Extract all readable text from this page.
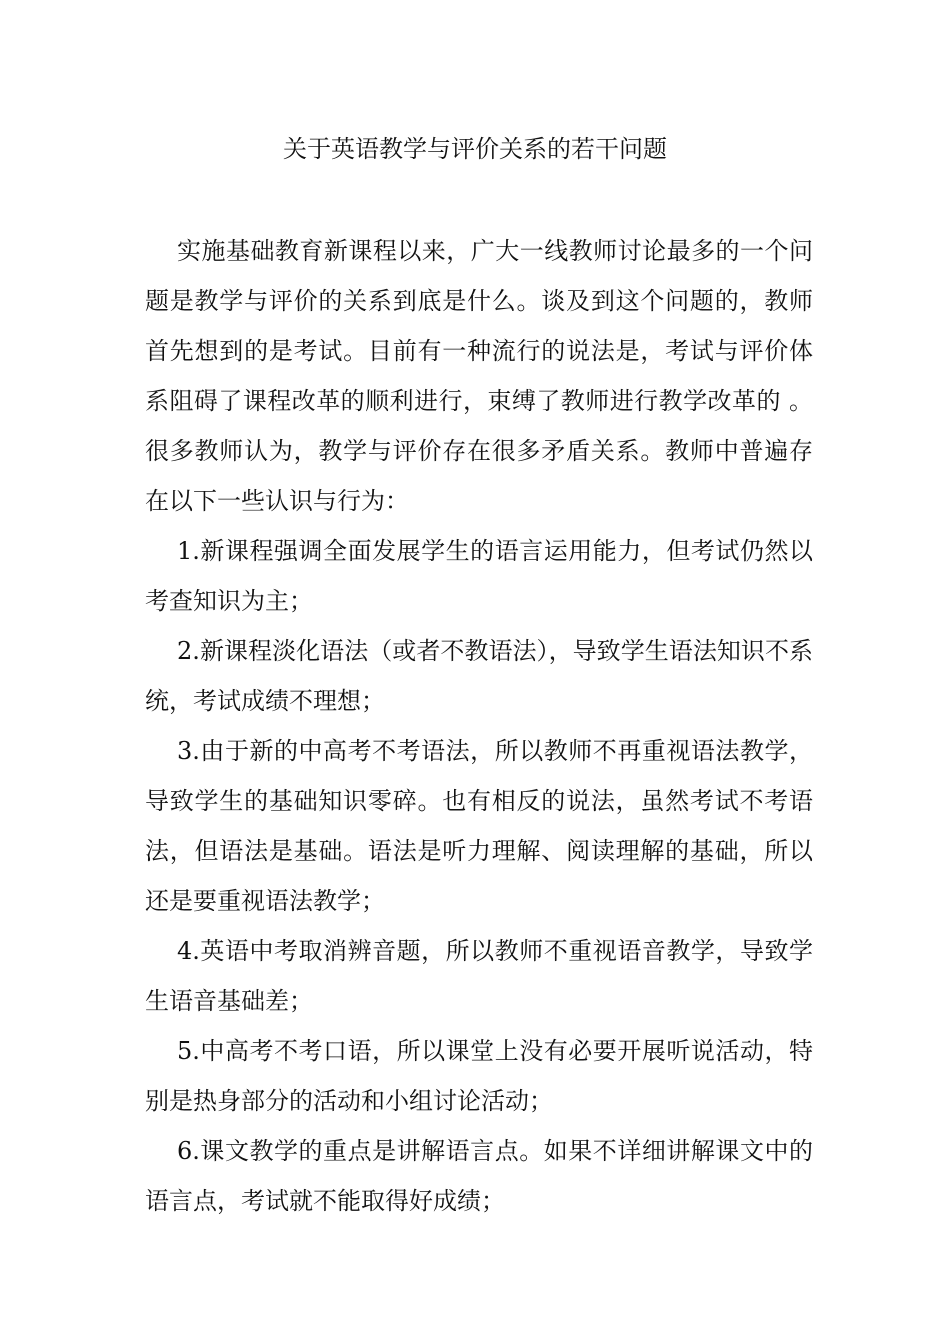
关于英语教学与评价关系的若干问题

实施基础教育新课程以来，广大一线教师讨论最多的一个问题是教学与评价的关系到底是什么。谈及到这个问题的，教师首先想到的是考试。目前有一种流行的说法是，考试与评价体系阻碍了课程改革的顺利进行，束缚了教师进行教学改革的 。很多教师认为，教学与评价存在很多矛盾关系。教师中普遍存在以下一些认识与行为：

1.新课程强调全面发展学生的语言运用能力，但考试仍然以考查知识为主；

2.新课程淡化语法（或者不教语法），导致学生语法知识不系统，考试成绩不理想；

3.由于新的中高考不考语法，所以教师不再重视语法教学，导致学生的基础知识零碎。也有相反的说法，虽然考试不考语法，但语法是基础。语法是听力理解、阅读理解的基础，所以还是要重视语法教学；

4.英语中考取消辨音题，所以教师不重视语音教学，导致学生语音基础差；

5.中高考不考口语，所以课堂上没有必要开展听说活动，特别是热身部分的活动和小组讨论活动；

6.课文教学的重点是讲解语言点。如果不详细讲解课文中的语言点，考试就不能取得好成绩；
